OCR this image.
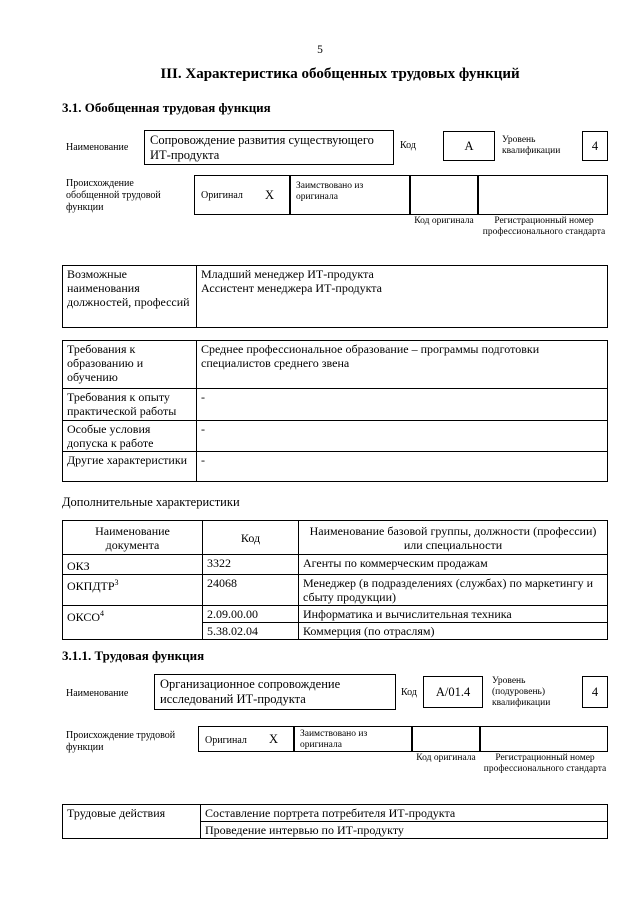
5
III. Характеристика обобщенных трудовых функций
3.1. Обобщенная трудовая функция
Наименование
Сопровождение развития существующего ИТ-продукта
Код	А	Уровень квалификации	4
Происхождение обобщенной трудовой функции
Оригинал X
Заимствовано из оригинала
Код оригинала	Регистрационный номер профессионального стандарта
Возможные наименования должностей, профессий	
Младший менеджер ИТ-продукта
Ассистент менеджера ИТ-продукта
Требования к образованию и обучению	Среднее профессиональное образование – программы подготовки специалистов среднего звена
Требования к опыту практической работы	-
Особые условия допуска к работе	-
Другие характеристики	-
Дополнительные характеристики
Наименование документа	Код	Наименование базовой группы, должности (профессии) или специальности
ОКЗ	3322	Агенты по коммерческим продажам
ОКПДТР$^3$	24068	Менеджер (в подразделениях (службах) по маркетингу и сбыту продукции)
ОКСО$^4$	2.09.00.00	Информатика и вычислительная техника
	5.38.02.04	Коммерция (по отраслям)
3.1.1. Трудовая функция
Наименование
Организационное сопровождение исследований ИТ-продукта	Код	А/01.4
Уровень (подуровень) квалификации
4
Происхождение трудовой функции
Оригинал X	Заимствовано из оригинала
Код оригинала	Регистрационный номер профессионального стандарта
Трудовые действия	Составление портрета потребителя ИТ-продукта
Проведение интервью по ИТ-продукту
